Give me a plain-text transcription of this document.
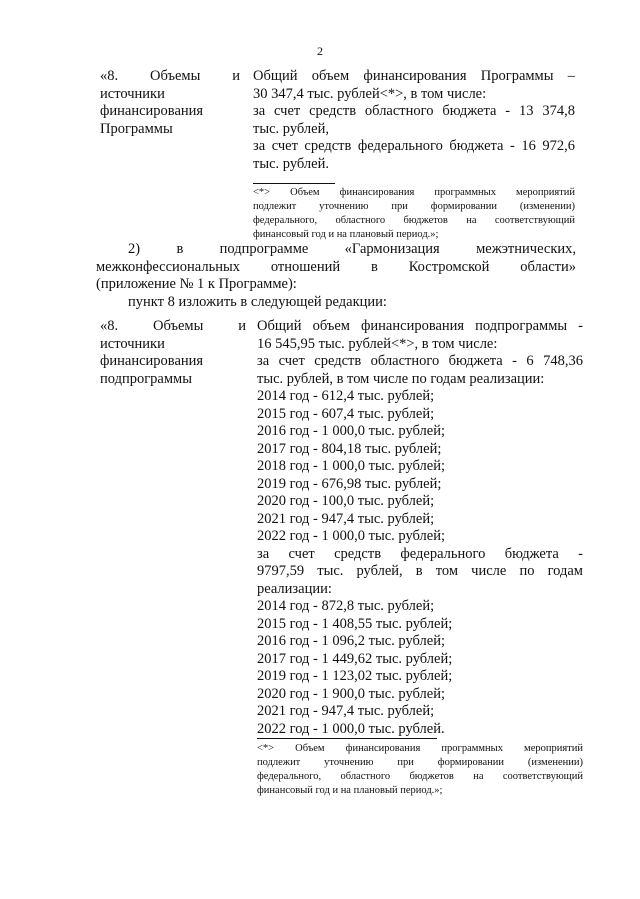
2
«8. Объемы и
источники
финансирования
Программы
Общий объем финансирования Программы –
30 347,4 тыс. рублей<*>, в том числе:
за счет средств областного бюджета - 13 374,8
тыс. рублей,
за счет средств федерального бюджета - 16 972,6
тыс. рублей.
<*> Объем финансирования программных мероприятий
подлежит уточнению при формировании (изменении)
федерального, областного бюджетов на соответствующий
финансовый год и на плановый период.»;
2) в подпрограмме «Гармонизация межэтнических,
межконфессиональных отношений в Костромской области»
(приложение № 1 к Программе):
пункт 8 изложить в следующей редакции:
«8. Объемы и
источники
финансирования
подпрограммы
Общий объем финансирования подпрограммы -
16 545,95 тыс. рублей<*>, в том числе:
за счет средств областного бюджета - 6 748,36
тыс. рублей, в том числе по годам реализации:
2014 год - 612,4 тыс. рублей;
2015 год - 607,4 тыс. рублей;
2016 год - 1 000,0 тыс. рублей;
2017 год - 804,18 тыс. рублей;
2018 год - 1 000,0 тыс. рублей;
2019 год - 676,98 тыс. рублей;
2020 год - 100,0 тыс. рублей;
2021 год - 947,4 тыс. рублей;
2022 год - 1 000,0 тыс. рублей;
за счет средств федерального бюджета -
9797,59 тыс. рублей, в том числе по годам
реализации:
2014 год - 872,8 тыс. рублей;
2015 год - 1 408,55 тыс. рублей;
2016 год - 1 096,2 тыс. рублей;
2017 год - 1 449,62 тыс. рублей;
2019 год - 1 123,02 тыс. рублей;
2020 год - 1 900,0 тыс. рублей;
2021 год - 947,4 тыс. рублей;
2022 год - 1 000,0 тыс. рублей.
<*> Объем финансирования программных мероприятий
подлежит уточнению при формировании (изменении)
федерального, областного бюджетов на соответствующий
финансовый год и на плановый период.»;
